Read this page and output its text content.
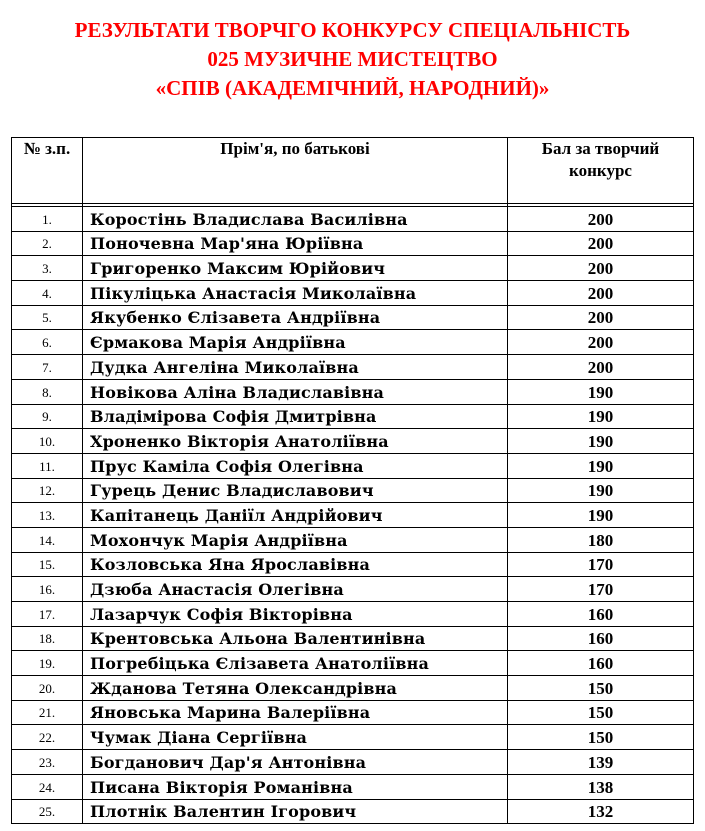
РЕЗУЛЬТАТИ ТВОРЧГО КОНКУРСУ СПЕЦІАЛЬНІСТЬ
025 МУЗИЧНЕ МИСТЕЦТВО
«СПІВ (АКАДЕМІЧНИЙ, НАРОДНИЙ)»
№ з.п.	Прім'я, по батькові	Бал за творчий конкурс

1.	Коростінь Владислава Василівна	200
2.	Поночевна Мар'яна Юріївна	200
3.	Григоренко Максим Юрійович	200
4.	Пікуліцька Анастасія Миколаївна	200
5.	Якубенко Єлізавета Андріївна	200
6.	Єрмакова Марія Андріївна	200
7.	Дудка Ангеліна Миколаївна	200
8.	Новікова Аліна Владиславівна	190
9.	Владімірова Софія Дмитрівна	190
10.	Хроненко Вікторія Анатоліївна	190
11.	Прус Каміла Софія Олегівна	190
12.	Гурець Денис Владиславович	190
13.	Капітанець Даніїл Андрійович	190
14.	Мохончук Марія Андріївна	180
15.	Козловська Яна Ярославівна	170
16.	Дзюба Анастасія Олегівна	170
17.	Лазарчук Софія Вікторівна	160
18.	Крентовська Альона Валентинівна	160
19.	Погребіцька Єлізавета Анатоліївна	160
20.	Жданова Тетяна Олександрівна	150
21.	Яновська Марина Валеріївна	150
22.	Чумак Діана Сергіївна	150
23.	Богданович Дар'я Антонівна	139
24.	Писана Вікторія Романівна	138
25.	Плотнік Валентин Ігорович	132
